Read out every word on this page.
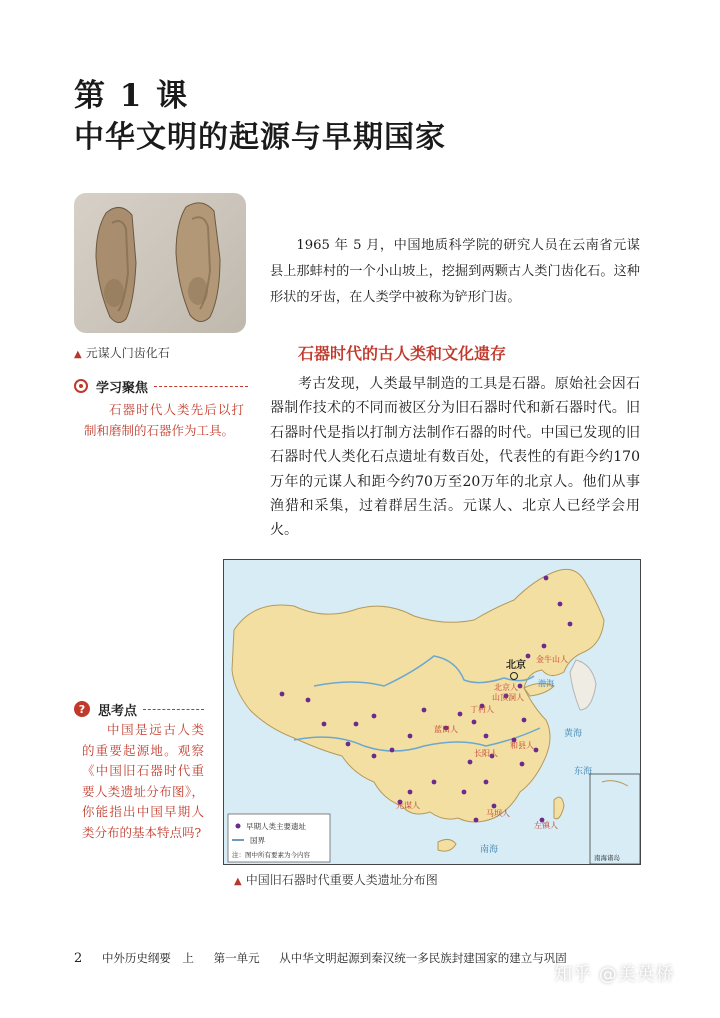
第 1 课
中华文明的起源与早期国家
▲ 元谋人门齿化石
1965 年 5 月，中国地质科学院的研究人员在云南省元谋县上那蚌村的一个小山坡上，挖掘到两颗古人类门齿化石。这种形状的牙齿，在人类学中被称为铲形门齿。
石器时代的古人类和文化遗存
考古发现，人类最早制造的工具是石器。原始社会因石器制作技术的不同而被区分为旧石器时代和新石器时代。旧石器时代是指以打制方法制作石器的时代。中国已发现的旧石器时代人类化石点遗址有数百处，代表性的有距今约170万年的元谋人和距今约70万至20万年的北京人。他们从事渔猎和采集，过着群居生活。元谋人、北京人已经学会用火。
学习聚焦
石器时代人类先后以打制和磨制的石器作为工具。
? 思考点
中国是远古人类的重要起源地。观察《中国旧石器时代重要人类遗址分布图》，你能指出中国早期人类分布的基本特点吗?	早期人类主要遗址
国界
注：图中所有要素为今内容	南海诸岛
北京
金牛山人
北京人
山顶洞人
丁村人
蓝田人
和县人
长阳人
元谋人
马坝人
左镇人
渤海
黄海
东海
南海
▲ 中国旧石器时代重要人类遗址分布图
2 中外历史纲要　上 第一单元 从中华文明起源到秦汉统一多民族封建国家的建立与巩固
知乎 @美英桥
